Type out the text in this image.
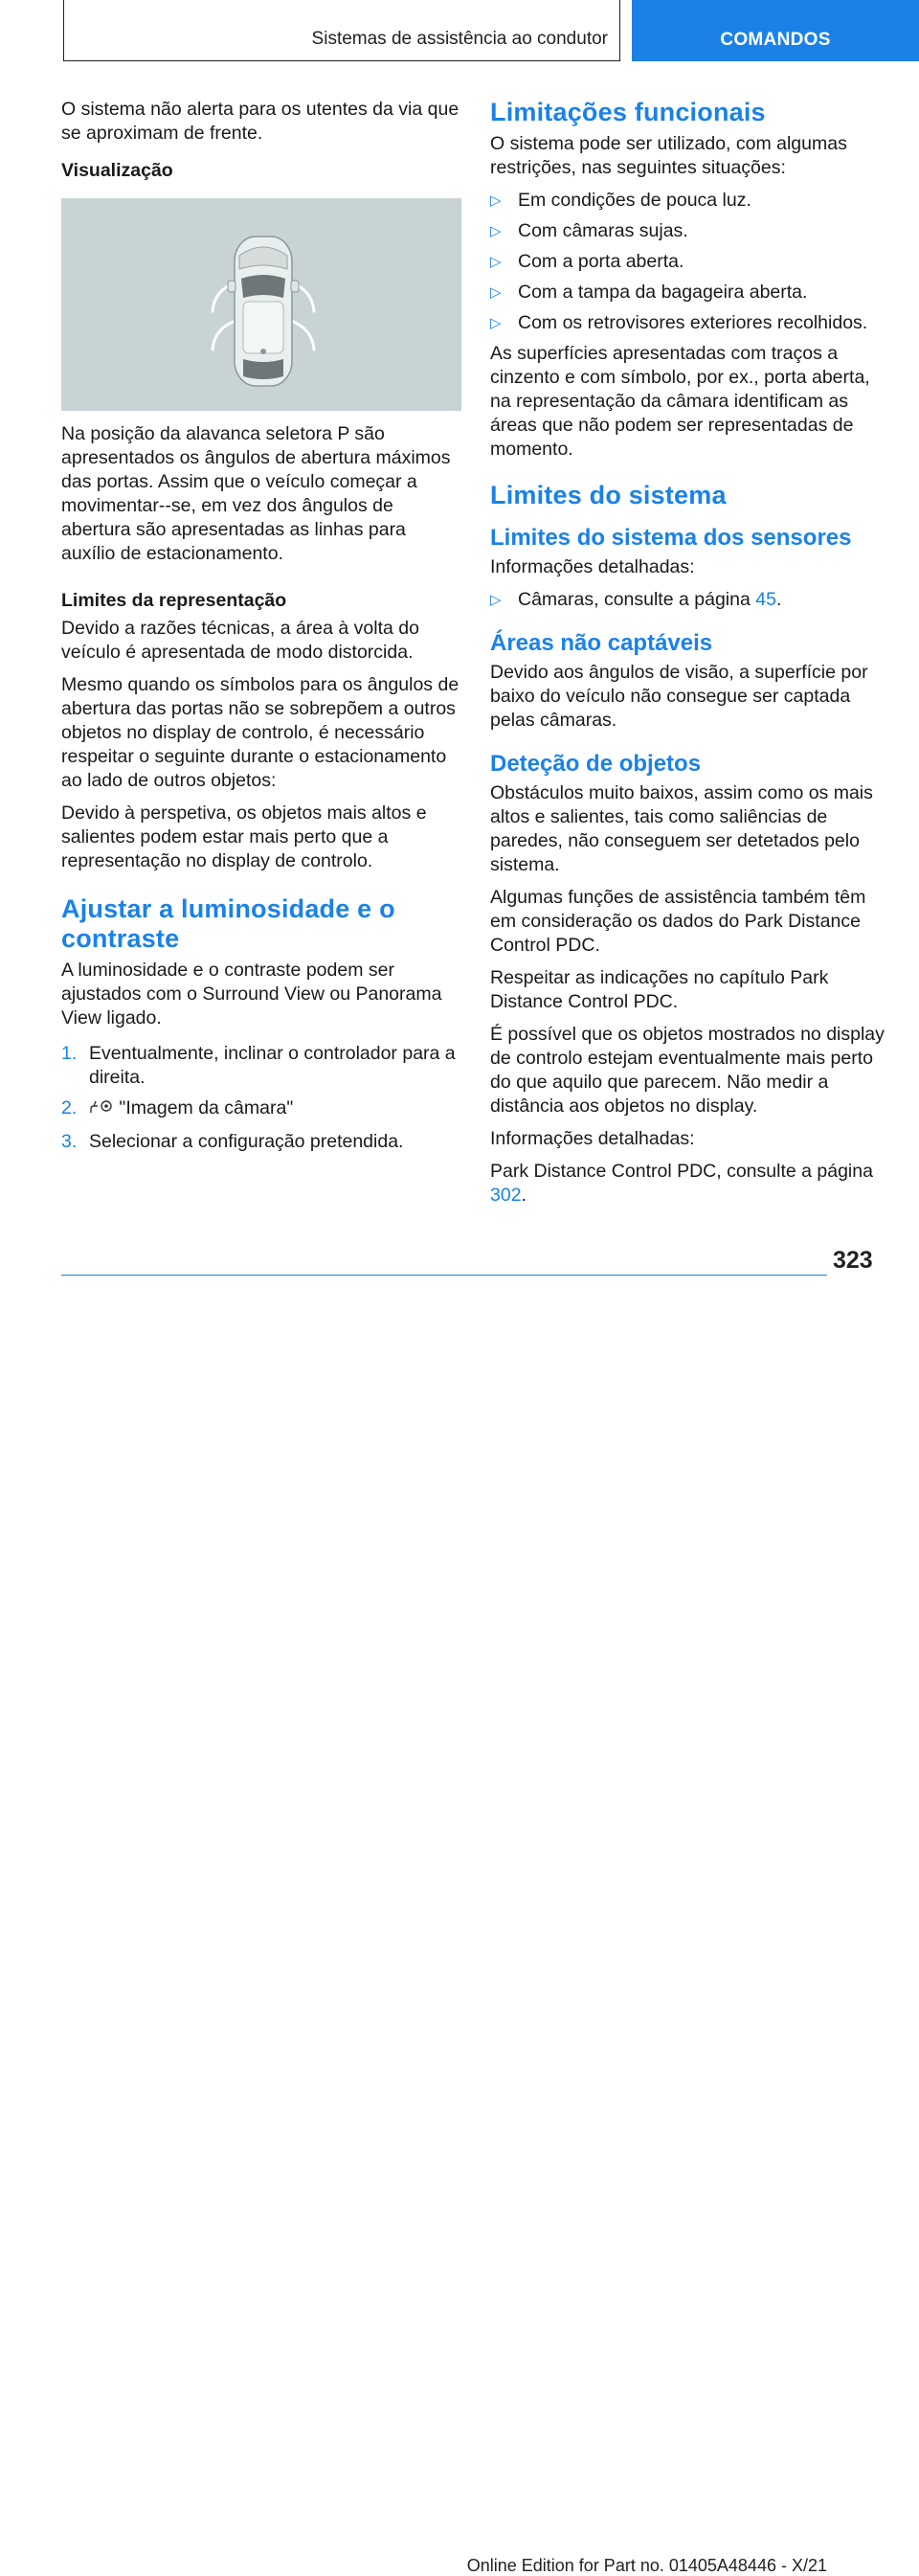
Sistemas de assistência ao condutor	COMANDOS

O sistema não alerta para os utentes da via que se aproximam de frente.

Visualização

Na posição da alavanca seletora P são apresentados os ângulos de abertura máximos das portas. Assim que o veículo começar a movimentar--se, em vez dos ângulos de abertura são apresentadas as linhas para auxílio de estacionamento.

Limites da representação

Devido a razões técnicas, a área à volta do veículo é apresentada de modo distorcida.

Mesmo quando os símbolos para os ângulos de abertura das portas não se sobrepõem a outros objetos no display de controlo, é necessário respeitar o seguinte durante o estacionamento ao lado de outros objetos:

Devido à perspetiva, os objetos mais altos e salientes podem estar mais perto que a representação no display de controlo.

Ajustar a luminosidade e o contraste

A luminosidade e o contraste podem ser ajustados com o Surround View ou Panorama View ligado.

1. Eventualmente, inclinar o controlador para a direita.
2. "Imagem da câmara"
3. Selecionar a configuração pretendida.

Limitações funcionais

O sistema pode ser utilizado, com algumas restrições, nas seguintes situações:

▷ Em condições de pouca luz.
▷ Com câmaras sujas.
▷ Com a porta aberta.
▷ Com a tampa da bagageira aberta.
▷ Com os retrovisores exteriores recolhidos.

As superfícies apresentadas com traços a cinzento e com símbolo, por ex., porta aberta, na representação da câmara identificam as áreas que não podem ser representadas de momento.

Limites do sistema

Limites do sistema dos sensores

Informações detalhadas:

▷ Câmaras, consulte a página 45.

Áreas não captáveis

Devido aos ângulos de visão, a superfície por baixo do veículo não consegue ser captada pelas câmaras.

Deteção de objetos

Obstáculos muito baixos, assim como os mais altos e salientes, tais como saliências de paredes, não conseguem ser detetados pelo sistema.

Algumas funções de assistência também têm em consideração os dados do Park Distance Control PDC.

Respeitar as indicações no capítulo Park Distance Control PDC.

É possível que os objetos mostrados no display de controlo estejam eventualmente mais perto do que aquilo que parecem. Não medir a distância aos objetos no display.

Informações detalhadas:

Park Distance Control PDC, consulte a página 302.

323
Online Edition for Part no. 01405A48446 - X/21
